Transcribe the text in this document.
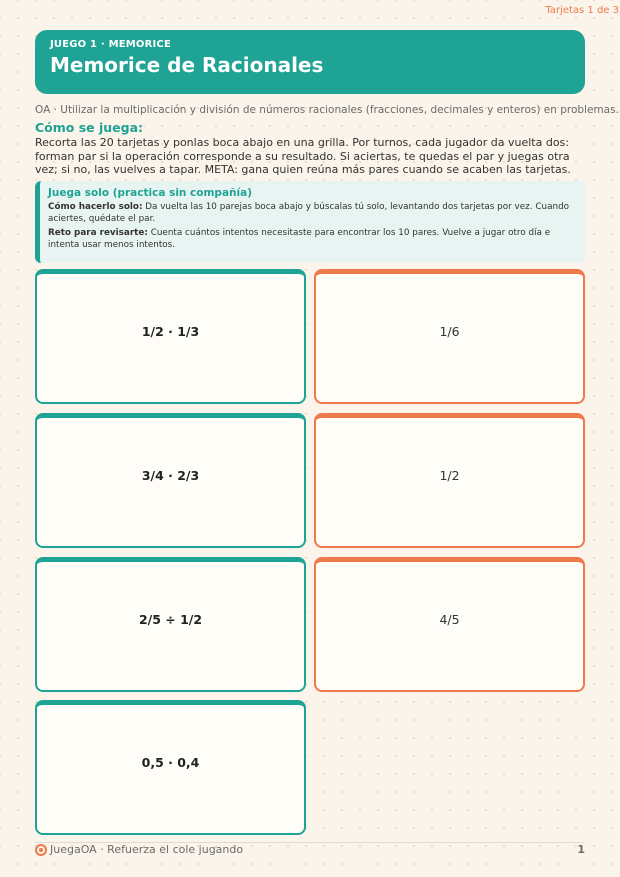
JUEGO 1 · MEMORICE
Memorice de Racionales
Tarjetas 1 de 3
OA · Utilizar la multiplicación y división de números racionales (fracciones, decimales y enteros) en problemas.
Cómo se juega:
Recorta las 20 tarjetas y ponlas boca abajo en una grilla. Por turnos, cada jugador da vuelta dos: forman par si la operación corresponde a su resultado. Si aciertas, te quedas el par y juegas otra vez; si no, las vuelves a tapar. META: gana quien reúna más pares cuando se acaben las tarjetas.
Juega solo (practica sin compañía)
Cómo hacerlo solo: Da vuelta las 10 parejas boca abajo y búscalas tú solo, levantando dos tarjetas por vez. Cuando aciertes, quédate el par.
Reto para revisarte: Cuenta cuántos intentos necesitaste para encontrar los 10 pares. Vuelve a jugar otro día e intenta usar menos intentos.
1/2 · 1/3	1/6
3/4 · 2/3	1/2
2/5 ÷ 1/2	4/5
0,5 · 0,4
JuegaOA · Refuerza el cole jugando	1
